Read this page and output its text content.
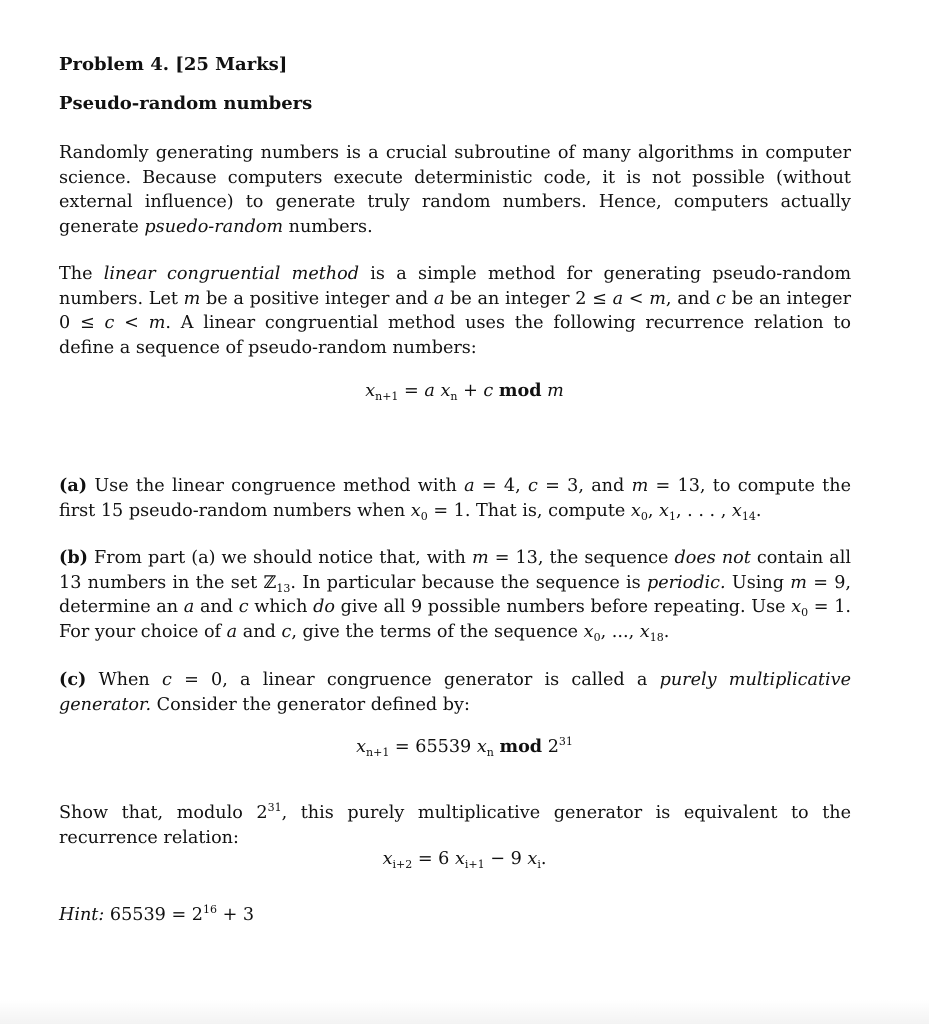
Problem 4. [25 Marks]
Pseudo-random numbers
Randomly generating numbers is a crucial subroutine of many algorithms in computer science. Because computers execute deterministic code, it is not possible (without external influence) to generate truly random numbers. Hence, computers actually generate psuedo-random numbers.
The linear congruential method is a simple method for generating pseudo-random numbers. Let m be a positive integer and a be an integer 2 ≤ a < m, and c be an integer 0 ≤ c < m. A linear congruential method uses the following recurrence relation to define a sequence of pseudo-random numbers:
$x_{n+1} = a$ $x_n + c$ mod m
(a) Use the linear congruence method with a = 4, c = 3, and m = 13, to compute the first 15 pseudo-random numbers when $x_0 = 1$. That is, compute $x_0$, $x_1$, . . . , $x_{14}$.
(b) From part (a) we should notice that, with m = 13, the sequence does not contain all 13 numbers in the set ℤ$_{13}$. In particular because the sequence is periodic. Using m = 9, determine an a and c which do give all 9 possible numbers before repeating. Use $x_0 = 1$. For your choice of a and c, give the terms of the sequence $x_0$, ..., $x_{18}$.
(c) When c = 0, a linear congruence generator is called a purely multiplicative generator. Consider the generator defined by:
$x_{n+1} = 65539$ $x_n$ mod $2^{31}$
Show that, modulo $2^{31}$, this purely multiplicative generator is equivalent to the recurrence relation:
$x_{i+2} = 6$ $x_{i+1} - 9$ $x_i$.
Hint: $65539 = 2^{16} + 3$
